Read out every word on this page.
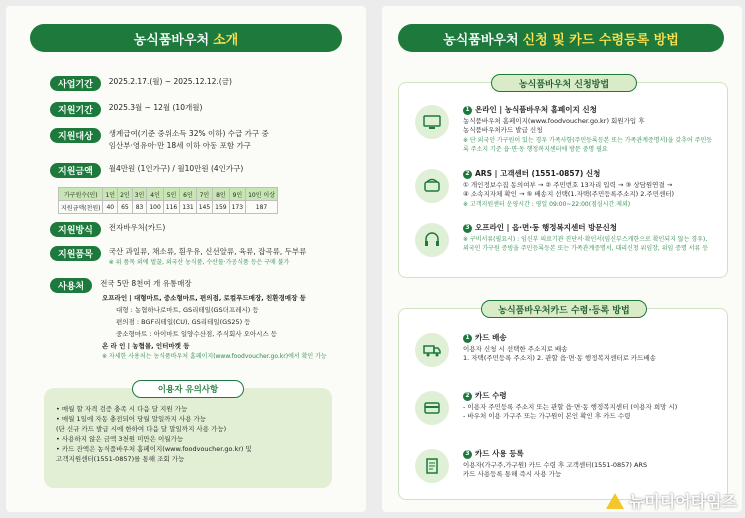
농식품바우처 소개
사업기간	2025.2.17.(월) ~ 2025.12.12.(금)
지원기간	2025.3월 ~ 12월 (10개월)
지원대상	생계급여(기준 중위소득 32% 이하) 수급 가구 중
임산부·영유아·만 18세 이하 아동 포함 가구
지원금액	월4만원 (1인가구) / 월10만원 (4인가구)
가구원수(인)	1인	2인	3인	4인	5인	6인	7인	8인	9인	10인 이상
지원금액(천원)	40	65	83	100	116	131	145	159	173	187
지원방식	전자바우처(카드)
지원품목	국산 과일류, 채소류, 흰우유, 신선알류, 육류, 잡곡류, 두부류
※ 위 품목 외에 벌꿀, 외국산 농식품, 수산물·가공식품 등은 구매 불가
사용처	전국 5만 8천여 개 유통매장
오프라인 | 대형마트, 중소형마트, 편의점, 로컬푸드매장, 친환경매장 등
대형 : 농협하나로마트, GS리테일(GS더프레시) 등
편의점 : BGF리테일(CU), GS리테일(GS25) 등
중소형마트 : 아이마트 일양수산점, 주식회사 오아시스 등
온 라 인 | 농협몰, 인터마켓 등
※ 자세한 사용처는 농식품바우처 홈페이지(www.foodvoucher.go.kr)에서 확인 가능
이용자 유의사항
• 매월 할 자격 검증 충족 시 다음 달 지원 가능
• 매월 1일에 자동 충전되어 당월 말일까지 사용 가능
(단 신규 카드 발급 시에 한하여 다음 달 말일까지 사용 가능)
• 사용하지 않은 금액 3천원 미만은 이월가능
• 카드 잔액은 농식품바우처 홈페이지(www.foodvoucher.go.kr) 및
고객지원센터(1551-0857)를 통해 조회 가능
농식품바우처 신청 및 카드 수령등록 방법
농식품바우처 신청방법
1 온라인 | 농식품바우처 홈페이지 신청
농식품바우처 홈페이지(www.foodvoucher.go.kr) 회원가입 후
농식품바우처카드 발급 신청
※ 단 외국인 가구원이 있는 경우 가족사항(주민등록등본 또는 가족관계증명서)을 갖추어 주민등록 주소지 기준 읍·면·동 행정복지센터에 방문 중명 필요
2 ARS | 고객센터 (1551-0857) 신청
① 개인정보수집 동의여부 → ② 주민번호 13자리 입력 → ③ 상담원연결 →
④ 소속지자체 확인 → ⑤ 배송지 선택(1.자택(주민등록주소지) 2.주민센터)
※ 고객지원센터 운영시간 : 평일 09:00~22:00(점심시간 제외)
3 오프라인 | 읍·면·동 행정복지센터 방문신청
※ 구비서류(필요시) : 임신부 의료기관 진단서·확인서(임신부스캐한으로 확인되지 않는 경우), 외국인 가구원 증빙을 주민등록등본 또는 가족관계증명서, 대리신청 위임장, 위임 증명 서류 등
농식품바우처카드 수령·등록 방법
1 카드 배송
이용자 신청 시 선택한 주소지로 배송
1. 자택(주민등록 주소지) 2. 관할 읍·면·동 행정복지센터로 카드배송
2 카드 수령
- 이용자 주민등록 주소지 또는 관할 읍·면·동 행정복지센터 (이용자 희망 시)
- 바우처 이용 가구주 또는 가구원이 본인 확인 후 카드 수령
3 카드 사용 등록
이용자(가구주,가구원) 카드 수령 후 고객센터(1551-0857) ARS
카드 사용등록 통해 즉시 사용 가능
뉴미디어타임즈
